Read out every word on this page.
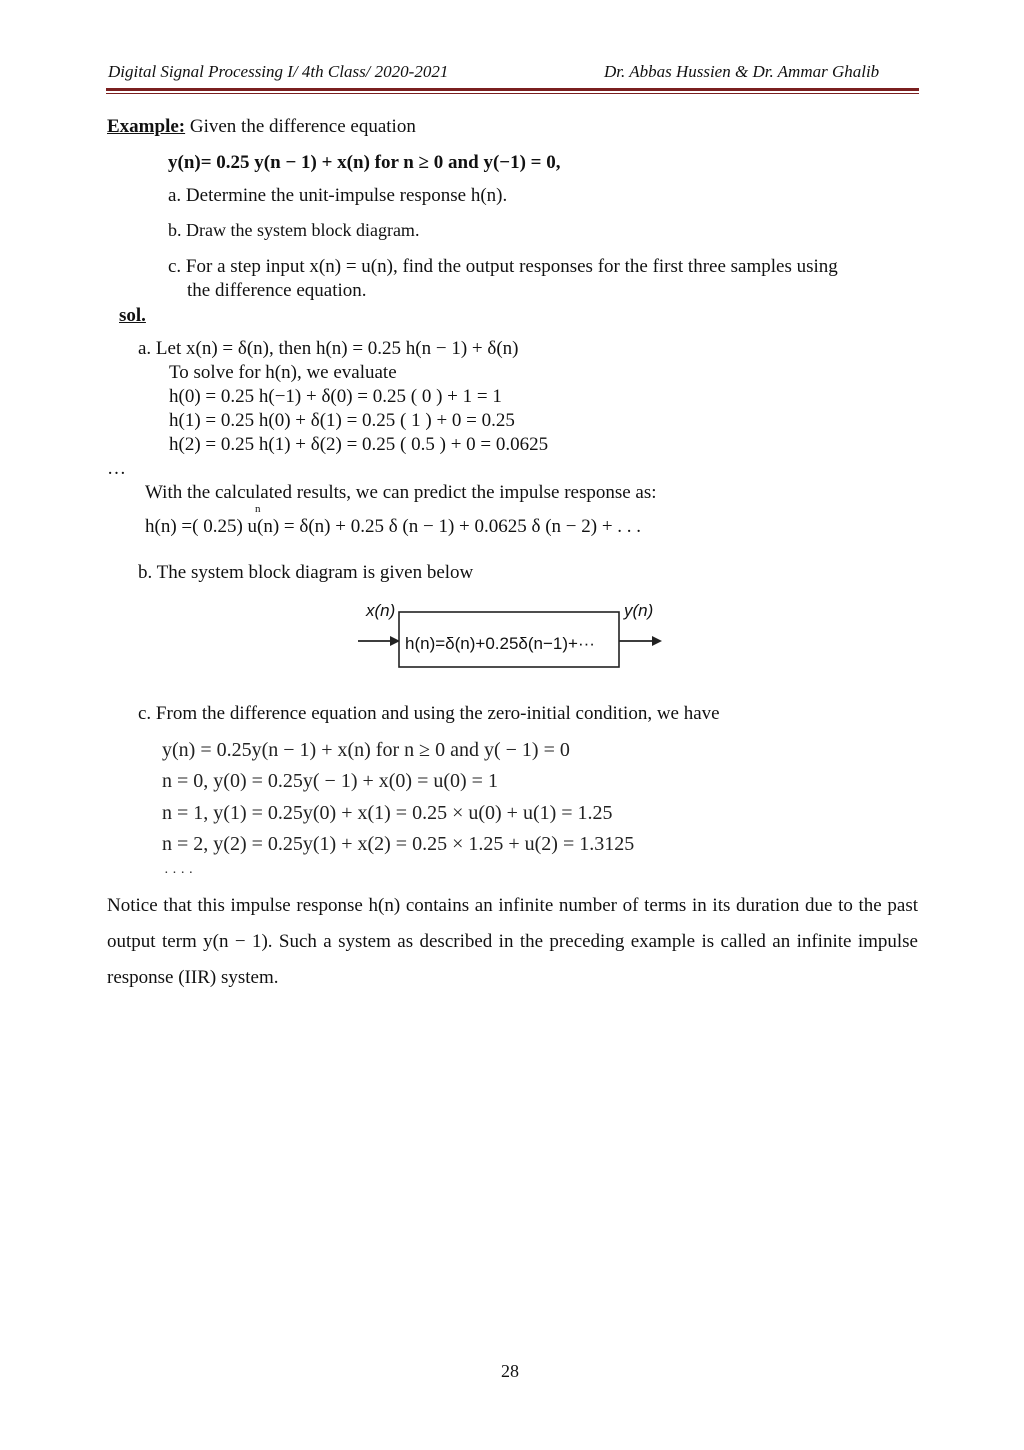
Digital Signal Processing I/ 4th Class/ 2020-2021	Dr. Abbas Hussien & Dr. Ammar Ghalib
Example: Given the difference equation
y(n)= 0.25 y(n − 1) + x(n) for n ≥ 0 and y(−1) = 0,
a. Determine the unit-impulse response h(n).
b. Draw the system block diagram.
c. For a step input x(n) = u(n), find the output responses for the first three samples using
the difference equation.
sol.
a. Let x(n) = δ(n), then h(n) = 0.25 h(n − 1) + δ(n)
To solve for h(n), we evaluate
h(0) = 0.25 h(−1) + δ(0) = 0.25 ( 0 ) + 1 = 1
h(1) = 0.25 h(0) + δ(1) = 0.25 ( 1 ) + 0 = 0.25
h(2) = 0.25 h(1) + δ(2) = 0.25 ( 0.5 ) + 0 = 0.0625
…
With the calculated results, we can predict the impulse response as:
n
h(n) =( 0.25) u(n) = δ(n) + 0.25 δ (n − 1) + 0.0625 δ (n − 2) + . . .
b. The system block diagram is given below
x(n)	y(n)
h(n)=δ(n)+0.25δ(n−1)+···
c. From the difference equation and using the zero-initial condition, we have
y(n) = 0.25y(n − 1) + x(n) for n ≥ 0 and y( − 1) = 0
n = 0, y(0) = 0.25y( − 1) + x(0) = u(0) = 1
n = 1, y(1) = 0.25y(0) + x(1) = 0.25 × u(0) + u(1) = 1.25
n = 2, y(2) = 0.25y(1) + x(2) = 0.25 × 1.25 + u(2) = 1.3125
· · · ·
Notice that this impulse response h(n) contains an infinite number of terms in its duration due to the past output term y(n − 1). Such a system as described in the preceding example is called an infinite impulse response (IIR) system.
28
